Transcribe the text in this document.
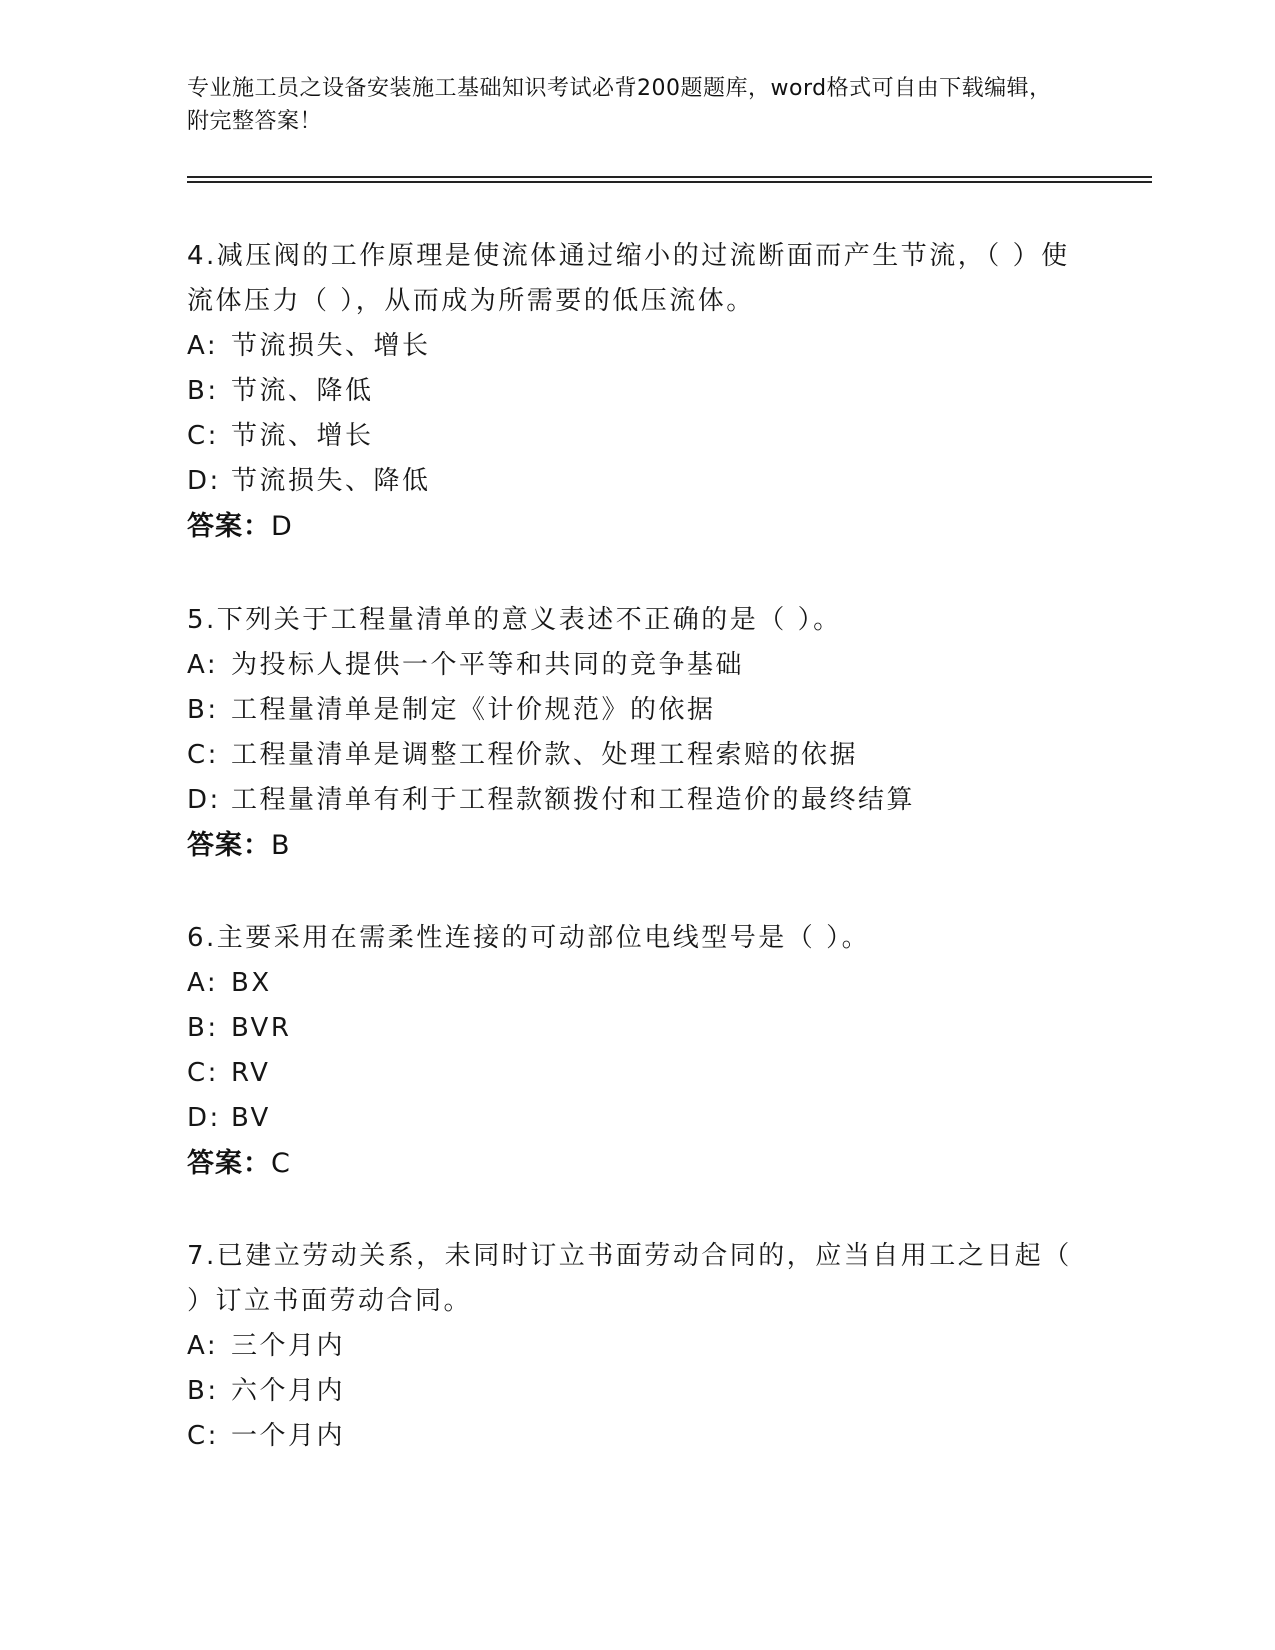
专业施工员之设备安装施工基础知识考试必背200题题库，word格式可自由下载编辑，附完整答案！
4.减压阀的工作原理是使流体通过缩小的过流断面而产生节流，（ ）使流体压力（ ），从而成为所需要的低压流体。
A: 节流损失、增长
B: 节流、降低
C: 节流、增长
D: 节流损失、降低
答案：D
5.下列关于工程量清单的意义表述不正确的是（ ）。
A: 为投标人提供一个平等和共同的竞争基础
B: 工程量清单是制定《计价规范》的依据
C: 工程量清单是调整工程价款、处理工程索赔的依据
D: 工程量清单有利于工程款额拨付和工程造价的最终结算
答案：B
6.主要采用在需柔性连接的可动部位电线型号是（ ）。
A: BX
B: BVR
C: RV
D: BV
答案：C
7.已建立劳动关系，未同时订立书面劳动合同的，应当自用工之日起（ ）订立书面劳动合同。
A: 三个月内
B: 六个月内
C: 一个月内
